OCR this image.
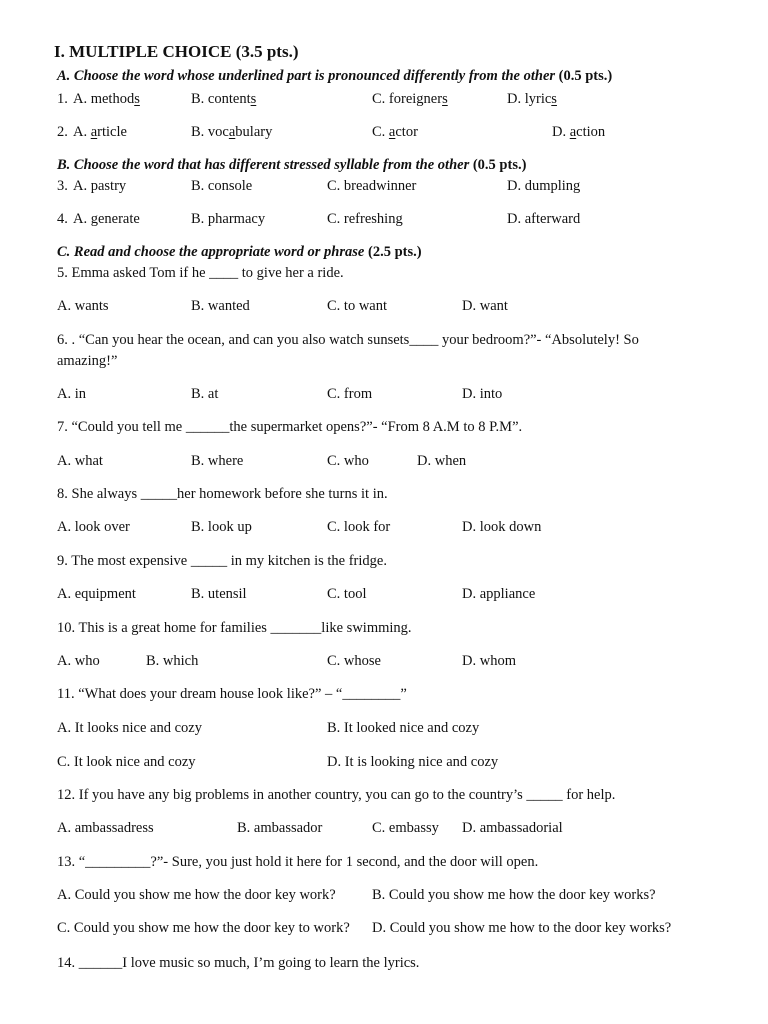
I. MULTIPLE CHOICE (3.5 pts.)
A. Choose the word whose underlined part is pronounced differently from the other (0.5 pts.)
1. A. methods	B. contents	C. foreigners	D. lyrics
2. A. article	B. vocabulary	C. actor	D. action
B. Choose the word that has different stressed syllable from the other (0.5 pts.)
3. A. pastry	B. console	C. breadwinner	D. dumpling
4. A. generate	B. pharmacy	C. refreshing	D. afterward
C. Read and choose the appropriate word or phrase (2.5 pts.)
5. Emma asked Tom if he ____ to give her a ride.
A. wants	B. wanted	C. to want	D. want
6. . “Can you hear the ocean, and can you also watch sunsets____ your bedroom?”- “Absolutely! So
amazing!”
A. in	B. at	C. from	D. into
7. “Could you tell me ______the supermarket opens?”- “From 8 A.M to 8 P.M”.
A. what	B. where	C. who	D. when
8. She always _____her homework before she turns it in.
A. look over	B. look up	C. look for	D. look down
9. The most expensive _____ in my kitchen is the fridge.
A. equipment	B. utensil	C. tool	D. appliance
10. This is a great home for families _______like swimming.
A. who	B. which	C. whose	D. whom
11. “What does your dream house look like?” – “________”
A. It looks nice and cozy	B. It looked nice and cozy
C. It look nice and cozy	D. It is looking nice and cozy
12. If you have any big problems in another country, you can go to the country’s _____ for help.
A. ambassadress	B. ambassador	C. embassy D. ambassadorial
13. “_________?”- Sure, you just hold it here for 1 second, and the door will open.
A. Could you show me how the door key work?	B. Could you show me how the door key works?
C. Could you show me how the door key to work? D. Could you show me how to the door key works?
14. ______I love music so much, I’m going to learn the lyrics.
